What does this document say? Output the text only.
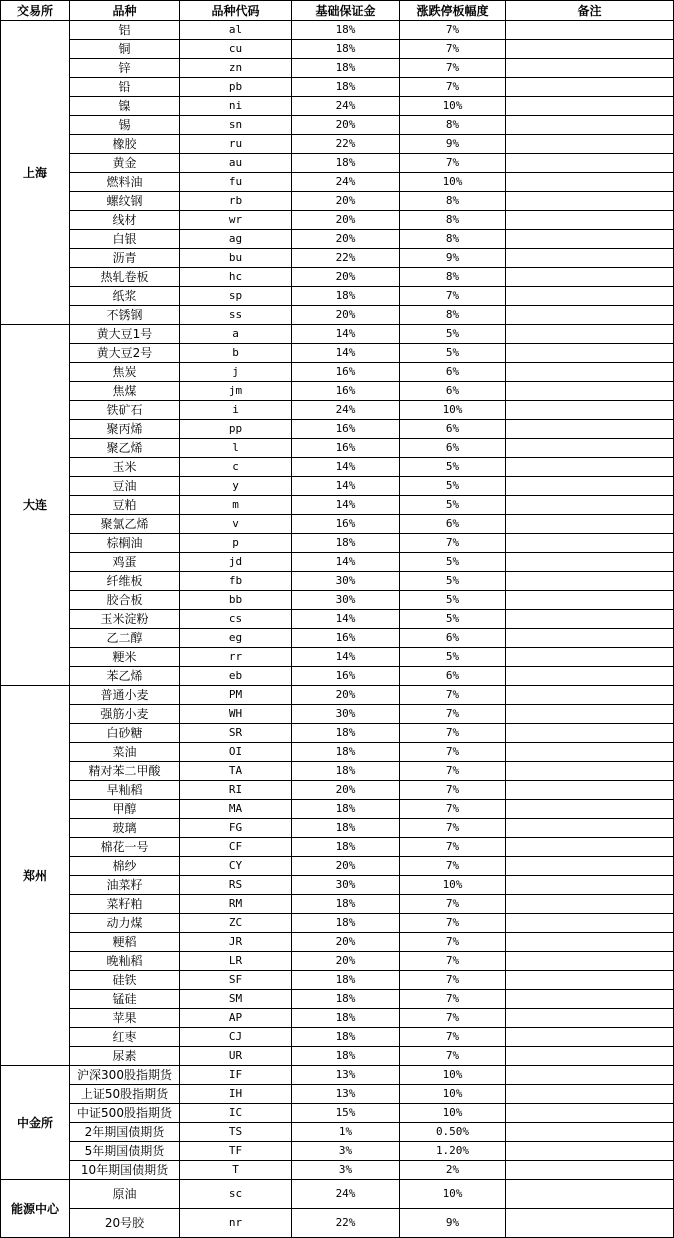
交易所	品种	品种代码	基础保证金	涨跌停板幅度	备注
上海	铝	al	18%	7%	
	铜	cu	18%	7%	
	锌	zn	18%	7%	
	铅	pb	18%	7%	
	镍	ni	24%	10%	
	锡	sn	20%	8%	
	橡胶	ru	22%	9%	
	黄金	au	18%	7%	
	燃料油	fu	24%	10%	
	螺纹钢	rb	20%	8%	
	线材	wr	20%	8%	
	白银	ag	20%	8%	
	沥青	bu	22%	9%	
	热轧卷板	hc	20%	8%	
	纸浆	sp	18%	7%	
	不锈钢	ss	20%	8%	
大连	黄大豆1号	a	14%	5%	
	黄大豆2号	b	14%	5%	
	焦炭	j	16%	6%	
	焦煤	jm	16%	6%	
	铁矿石	i	24%	10%	
	聚丙烯	pp	16%	6%	
	聚乙烯	l	16%	6%	
	玉米	c	14%	5%	
	豆油	y	14%	5%	
	豆粕	m	14%	5%	
	聚氯乙烯	v	16%	6%	
	棕榈油	p	18%	7%	
	鸡蛋	jd	14%	5%	
	纤维板	fb	30%	5%	
	胶合板	bb	30%	5%	
	玉米淀粉	cs	14%	5%	
	乙二醇	eg	16%	6%	
	粳米	rr	14%	5%	
	苯乙烯	eb	16%	6%	
郑州	普通小麦	PM	20%	7%	
	强筋小麦	WH	30%	7%	
	白砂糖	SR	18%	7%	
	菜油	OI	18%	7%	
	精对苯二甲酸	TA	18%	7%	
	早籼稻	RI	20%	7%	
	甲醇	MA	18%	7%	
	玻璃	FG	18%	7%	
	棉花一号	CF	18%	7%	
	棉纱	CY	20%	7%	
	油菜籽	RS	30%	10%	
	菜籽粕	RM	18%	7%	
	动力煤	ZC	18%	7%	
	粳稻	JR	20%	7%	
	晚籼稻	LR	20%	7%	
	硅铁	SF	18%	7%	
	锰硅	SM	18%	7%	
	苹果	AP	18%	7%	
	红枣	CJ	18%	7%	
	尿素	UR	18%	7%	
中金所	沪深300股指期货	IF	13%	10%	
	上证50股指期货	IH	13%	10%	
	中证500股指期货	IC	15%	10%	
	2年期国债期货	TS	1%	0.50%	
	5年期国债期货	TF	3%	1.20%	
	10年期国债期货	T	3%	2%	
能源中心	原油	sc	24%	10%	
	20号胶	nr	22%	9%	
